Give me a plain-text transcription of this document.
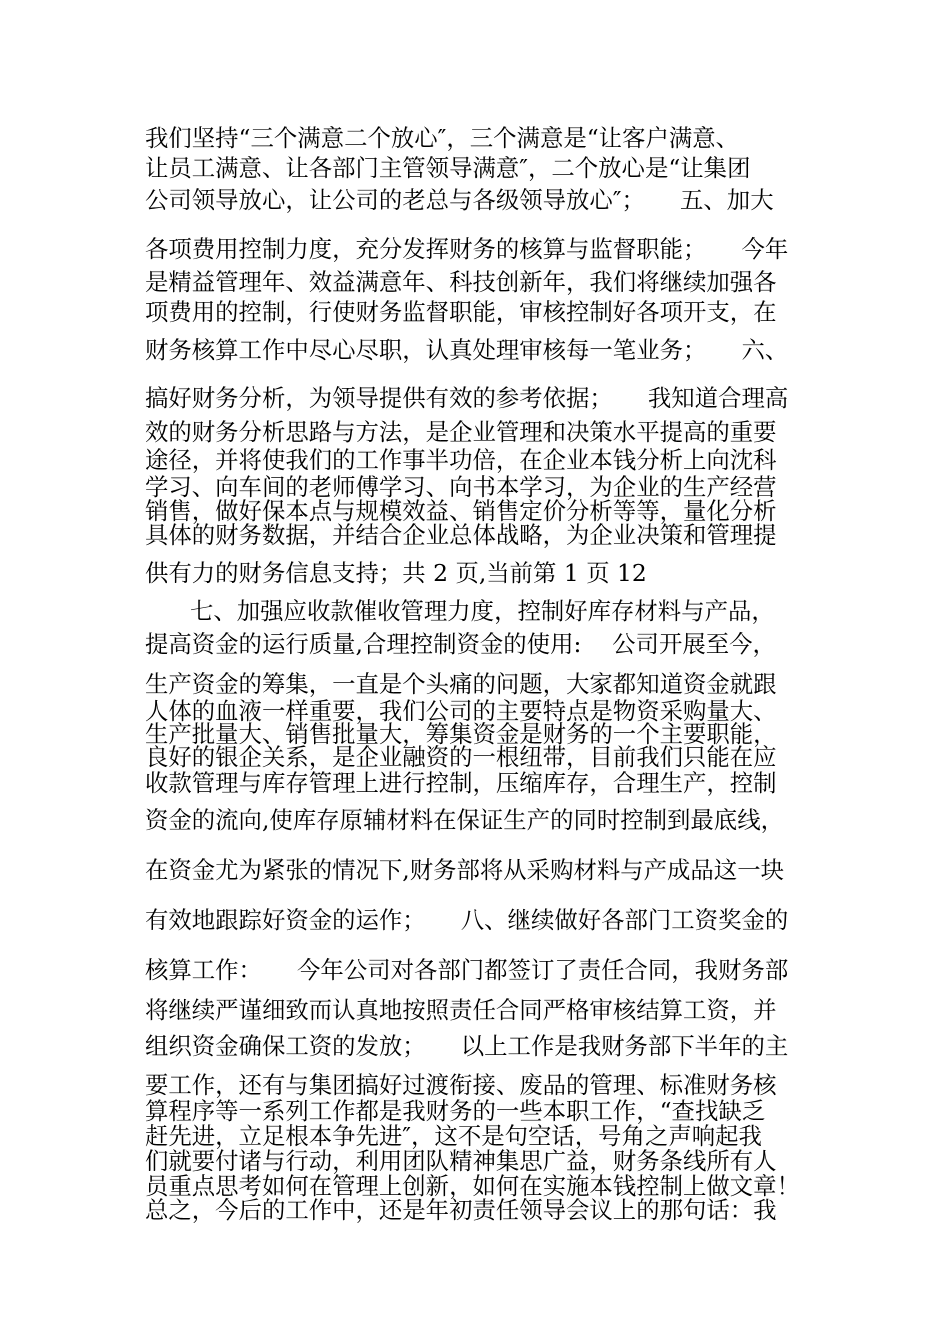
我们坚持“三个满意二个放心″，三个满意是“让客户满意、
让员工满意、让各部门主管领导满意″，二个放心是“让集团
公司领导放心，让公司的老总与各级领导放心″；　　五、加大
各项费用控制力度，充分发挥财务的核算与监督职能；　　今年
是精益管理年、效益满意年、科技创新年，我们将继续加强各
项费用的控制，行使财务监督职能，审核控制好各项开支，在
财务核算工作中尽心尽职，认真处理审核每一笔业务；　　六、
搞好财务分析，为领导提供有效的参考依据；　　我知道合理高
效的财务分析思路与方法，是企业管理和决策水平提高的重要
途径，并将使我们的工作事半功倍，在企业本钱分析上向沈科
学习、向车间的老师傅学习、向书本学习，为企业的生产经营
销售，做好保本点与规模效益、销售定价分析等等，量化分析
具体的财务数据，并结合企业总体战略，为企业决策和管理提
供有力的财务信息支持；共 2 页,当前第 1 页 12
七、加强应收款催收管理力度，控制好库存材料与产品，
提高资金的运行质量,合理控制资金的使用:　 公司开展至今，
生产资金的筹集，一直是个头痛的问题，大家都知道资金就跟
人体的血液一样重要，我们公司的主要特点是物资采购量大、
生产批量大、销售批量大，筹集资金是财务的一个主要职能，
良好的银企关系，是企业融资的一根纽带，目前我们只能在应
收款管理与库存管理上进行控制，压缩库存，合理生产，控制
资金的流向,使库存原辅材料在保证生产的同时控制到最底线，
在资金尤为紧张的情况下,财务部将从采购材料与产成品这一块
有效地跟踪好资金的运作；　　八、继续做好各部门工资奖金的
核算工作：　　今年公司对各部门都签订了责任合同，我财务部
将继续严谨细致而认真地按照责任合同严格审核结算工资，并
组织资金确保工资的发放；　　以上工作是我财务部下半年的主
要工作，还有与集团搞好过渡衔接、废品的管理、标准财务核
算程序等一系列工作都是我财务的一些本职工作，“查找缺乏
赶先进，立足根本争先进″，这不是句空话，号角之声响起我
们就要付诸与行动，利用团队精神集思广益，财务条线所有人
员重点思考如何在管理上创新，如何在实施本钱控制上做文章！
总之，今后的工作中，还是年初责任领导会议上的那句话：我
